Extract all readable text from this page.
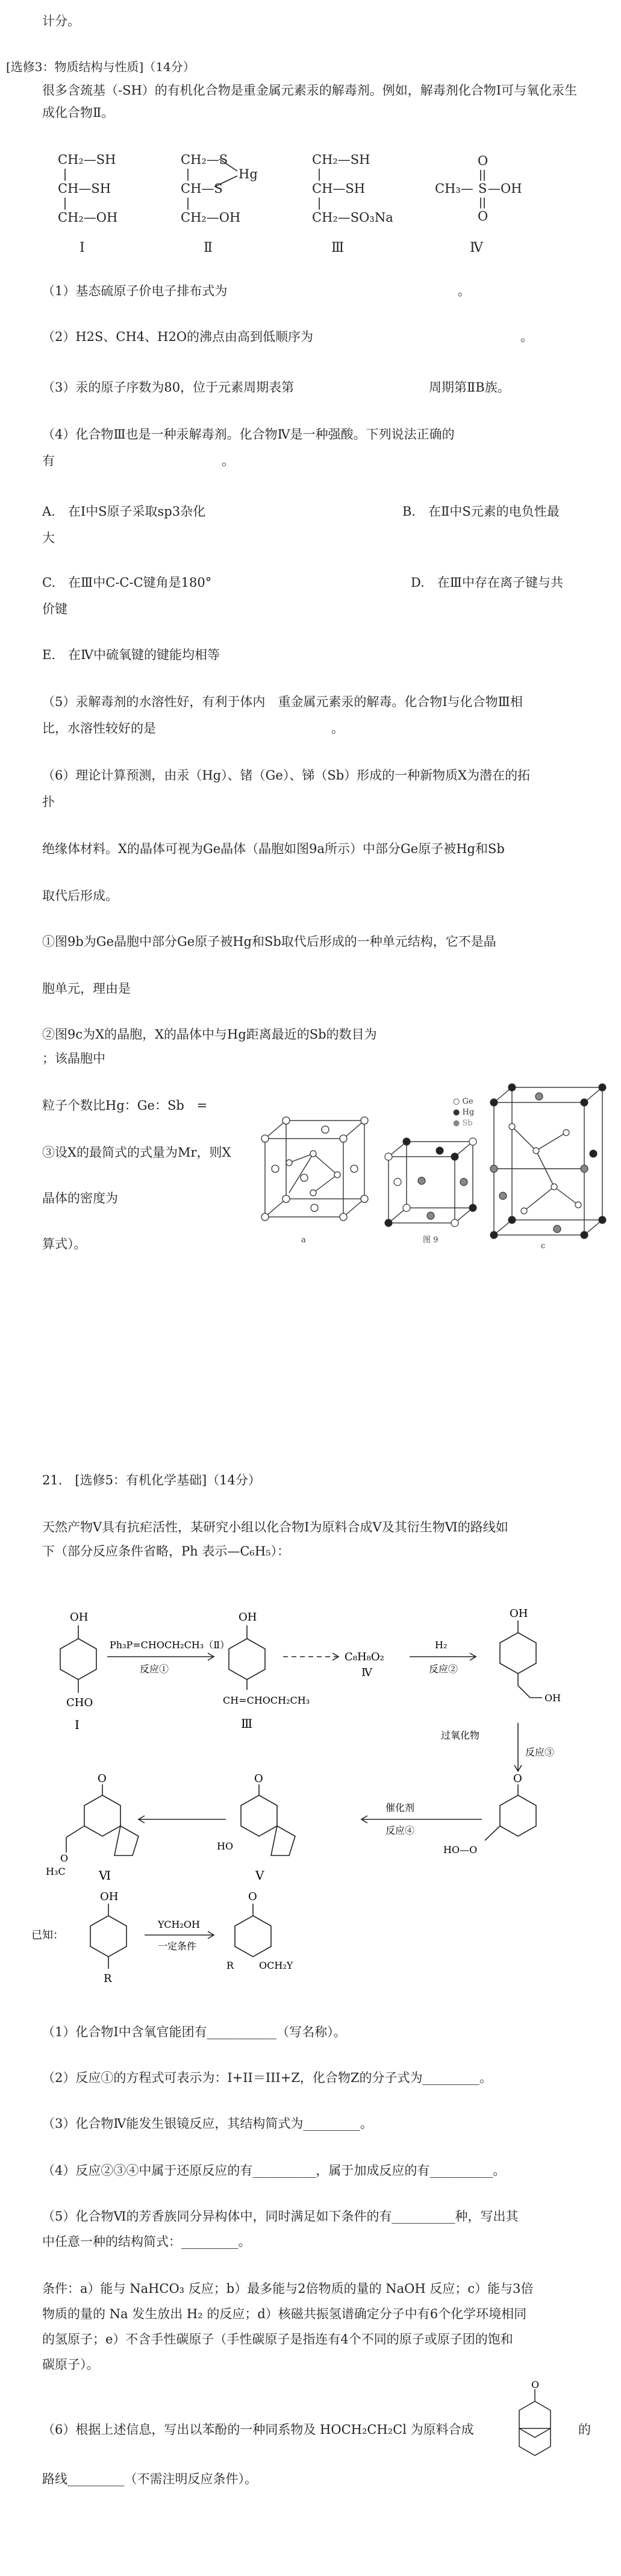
计分。
[选修3：物质结构与性质]（14分）
很多含巯基（-SH）的有机化合物是重金属元素汞的解毒剂。例如，解毒剂化合物I可与氧化汞生成化合物Ⅱ。
CH₂—SH
CH—SH
CH₂—OH
Ⅰ
CH₂—S
CH—S
CH₂—OH
Hg
Ⅱ
CH₂—SH
CH—SH
CH₂—SO₃Na
Ⅲ
CH₃— S —OH
O
O
Ⅳ
（1）基态硫原子价电子排布式为	。
（2）H2S、CH4、H2O的沸点由高到低顺序为	。
（3）汞的原子序数为80，位于元素周期表第	周期第ⅡB族。
（4）化合物Ⅲ也是一种汞解毒剂。化合物Ⅳ是一种强酸。下列说法正确的
有	。
A.　在Ⅰ中S原子采取sp3杂化	B.　在Ⅱ中S元素的电负性最
大
C.　在Ⅲ中C-C-C键角是180°	D.　在Ⅲ中存在离子键与共
价键
E.　在Ⅳ中硫氧键的键能均相等
（5）汞解毒剂的水溶性好，有利于体内　重金属元素汞的解毒。化合物Ⅰ与化合物Ⅲ相
比，水溶性较好的是	。
（6）理论计算预测，由汞（Hg）、锗（Ge）、锑（Sb）形成的一种新物质X为潜在的拓
扑
绝缘体材料。X的晶体可视为Ge晶体（晶胞如图9a所示）中部分Ge原子被Hg和Sb
取代后形成。
①图9b为Ge晶胞中部分Ge原子被Hg和Sb取代后形成的一种单元结构，它不是晶
胞单元，理由是
②图9c为X的晶胞，X的晶体中与Hg距离最近的Sb的数目为
；该晶胞中
粒子个数比Hg：Ge：Sb　=
③设X的最简式的式量为Mr，则X
晶体的密度为
算式）。
○ Ge
● Hg
● Sb
a	图 9
c
21.　[选修5：有机化学基础]（14分）
天然产物Ⅴ具有抗疟活性，某研究小组以化合物Ⅰ为原料合成Ⅴ及其衍生物Ⅵ的路线如
下（部分反应条件省略，Ph 表示—C₆H₅）：
OH
CHO
Ⅰ
Ph₃P=CHOCH₂CH₃（Ⅱ）
反应①
OH
CH=CHOCH₂CH₃
Ⅲ
C₈H₈O₂
Ⅳ
H₂
反应②
OH
OH
过氧化物
反应③
O
HO—O
催化剂
反应④
O
HO
Ⅴ
O
O
H₃C	Ⅵ
已知：
OH
R
YCH₂OH
一定条件
O
R	OCH₂Y
（1）化合物Ⅰ中含氧官能团有___________（写名称）。
（2）反应①的方程式可表示为：I+II＝III+Z，化合物Z的分子式为_________。
（3）化合物Ⅳ能发生银镜反应，其结构简式为_________。
（4）反应②③④中属于还原反应的有__________，属于加成反应的有__________。
（5）化合物Ⅵ的芳香族同分异构体中，同时满足如下条件的有__________种，写出其
中任意一种的结构简式：_________。
条件：a）能与 NaHCO₃ 反应；b）最多能与2倍物质的量的 NaOH 反应；c）能与3倍
物质的量的 Na 发生放出 H₂ 的反应；d）核磁共振氢谱确定分子中有6个化学环境相同
的氢原子；e）不含手性碳原子（手性碳原子是指连有4个不同的原子或原子团的饱和
碳原子）。
（6）根据上述信息，写出以苯酚的一种同系物及 HOCH₂CH₂Cl 为原料合成	的
O
路线_________（不需注明反应条件）。
